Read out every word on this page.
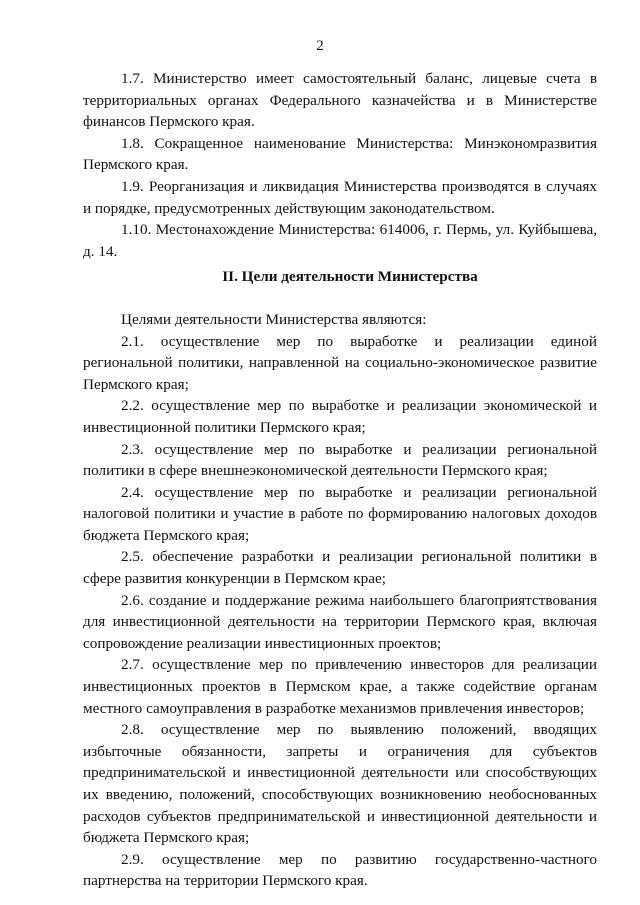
2

1.7. Министерство имеет самостоятельный баланс, лицевые счета в территориальных органах Федерального казначейства и в Министерстве финансов Пермского края.

1.8. Сокращенное наименование Министерства: Минэкономразвития Пермского края.

1.9. Реорганизация и ликвидация Министерства производятся в случаях и порядке, предусмотренных действующим законодательством.

1.10. Местонахождение Министерства: 614006, г. Пермь, ул. Куйбышева, д. 14.

II. Цели деятельности Министерства

Целями деятельности Министерства являются:

2.1. осуществление мер по выработке и реализации единой региональной политики, направленной на социально-экономическое развитие Пермского края;

2.2. осуществление мер по выработке и реализации экономической и инвестиционной политики Пермского края;

2.3. осуществление мер по выработке и реализации региональной политики в сфере внешнеэкономической деятельности Пермского края;

2.4. осуществление мер по выработке и реализации региональной налоговой политики и участие в работе по формированию налоговых доходов бюджета Пермского края;

2.5. обеспечение разработки и реализации региональной политики в сфере развития конкуренции в Пермском крае;

2.6. создание и поддержание режима наибольшего благоприятствования для инвестиционной деятельности на территории Пермского края, включая сопровождение реализации инвестиционных проектов;

2.7. осуществление мер по привлечению инвесторов для реализации инвестиционных проектов в Пермском крае, а также содействие органам местного самоуправления в разработке механизмов привлечения инвесторов;

2.8. осуществление мер по выявлению положений, вводящих избыточные обязанности, запреты и ограничения для субъектов предпринимательской и инвестиционной деятельности или способствующих их введению, положений, способствующих возникновению необоснованных расходов субъектов предпринимательской и инвестиционной деятельности и бюджета Пермского края;

2.9. осуществление мер по развитию государственно-частного партнерства на территории Пермского края.
